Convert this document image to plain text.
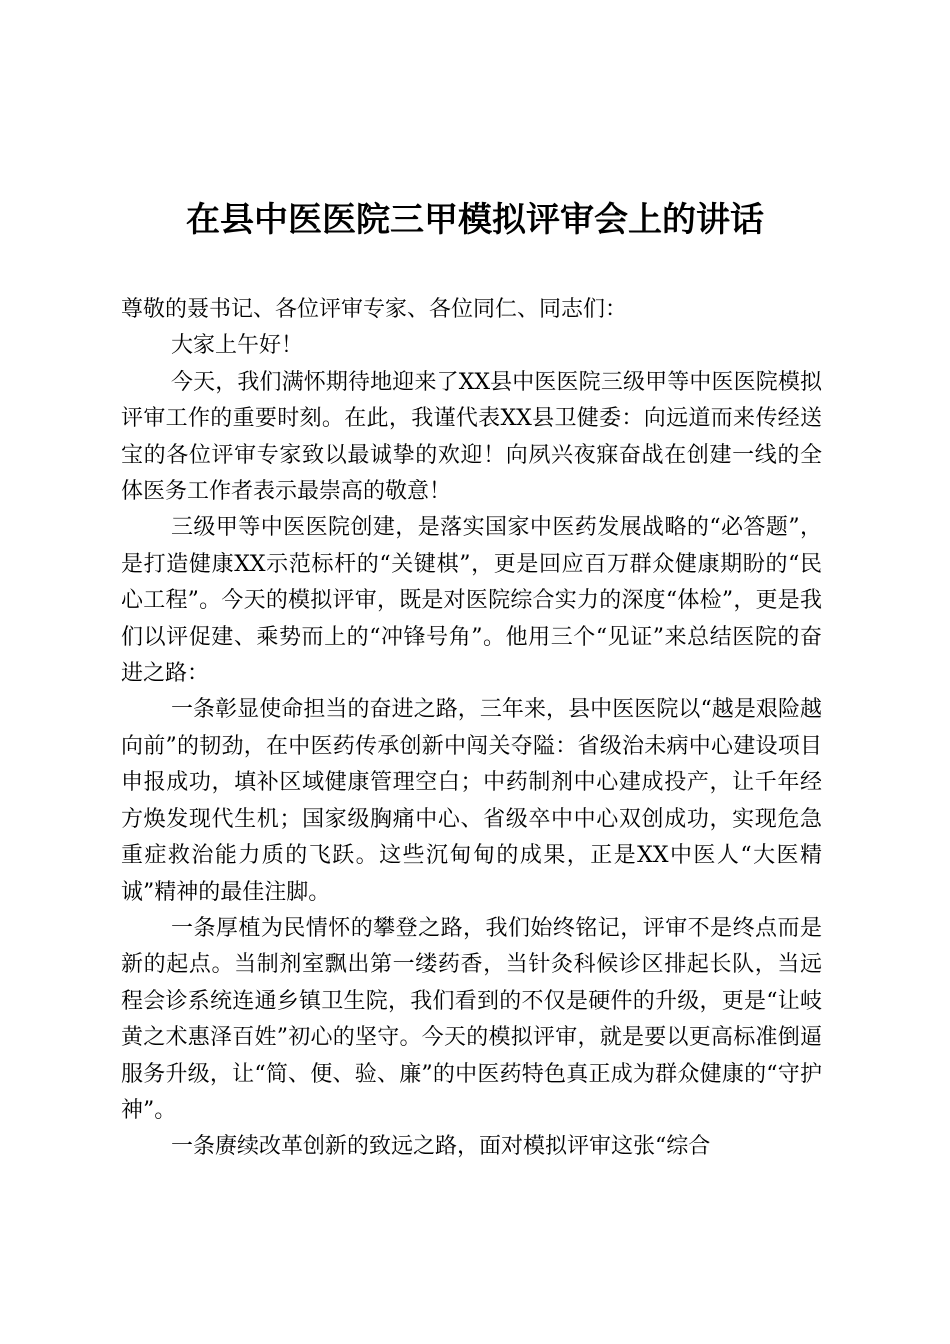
在县中医医院三甲模拟评审会上的讲话

尊敬的聂书记、各位评审专家、各位同仁、同志们：

大家上午好！

今天，我们满怀期待地迎来了XX县中医医院三级甲等中医医院模拟评审工作的重要时刻。在此，我谨代表XX县卫健委：向远道而来传经送宝的各位评审专家致以最诚挚的欢迎！向夙兴夜寐奋战在创建一线的全体医务工作者表示最崇高的敬意！

三级甲等中医医院创建，是落实国家中医药发展战略的“必答题”，是打造健康XX示范标杆的“关键棋”，更是回应百万群众健康期盼的“民心工程”。今天的模拟评审，既是对医院综合实力的深度“体检”，更是我们以评促建、乘势而上的“冲锋号角”。他用三个“见证”来总结医院的奋进之路：

一条彰显使命担当的奋进之路，三年来，县中医医院以“越是艰险越向前”的韧劲，在中医药传承创新中闯关夺隘：省级治未病中心建设项目申报成功，填补区域健康管理空白；中药制剂中心建成投产，让千年经方焕发现代生机；国家级胸痛中心、省级卒中中心双创成功，实现危急重症救治能力质的飞跃。这些沉甸甸的成果，正是XX中医人“大医精诚”精神的最佳注脚。

一条厚植为民情怀的攀登之路，我们始终铭记，评审不是终点而是新的起点。当制剂室飘出第一缕药香，当针灸科候诊区排起长队，当远程会诊系统连通乡镇卫生院，我们看到的不仅是硬件的升级，更是“让岐黄之术惠泽百姓”初心的坚守。今天的模拟评审，就是要以更高标准倒逼服务升级，让“简、便、验、廉”的中医药特色真正成为群众健康的“守护神”。

一条赓续改革创新的致远之路，面对模拟评审这张“综合
